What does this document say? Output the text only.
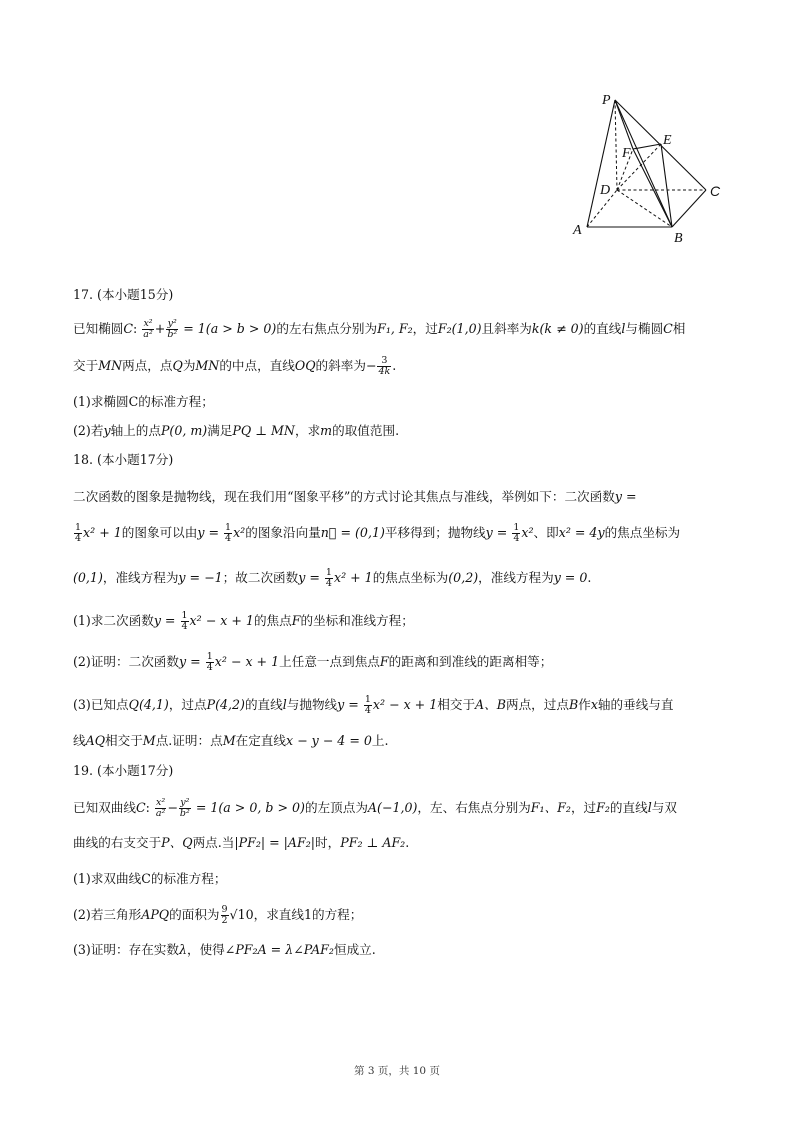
P
E
F
D	C
A
B
17. (本小题15分)
已知椭圆C: $\frac{\text{x²}}{\text{a²}} + \frac{\text{y²}}{\text{b²}} = 1(a > b > 0)$的左右焦点分别为F₁, F₂，过F₂(1,0)且斜率为k(k ≠ 0)的直线l与椭圆C相
交于MN两点，点Q为MN的中点，直线OQ的斜率为− $\frac{3}{4k}$ .
(1)求椭圆C的标准方程；
(2)若y轴上的点P(0, m)满足PQ ⊥ MN，求m的取值范围.
18. (本小题17分)
二次函数的图象是抛物线，现在我们用“图象平移”的方式讨论其焦点与准线，举例如下：二次函数y =
$\frac{1}{4} x^2 + 1$的图象可以由$y = \frac{1}{4} x^2$的图象沿向量n⃗ = (0,1)平移得到；抛物线$y = \frac{1}{4} x^2$、即x² = 4y的焦点坐标为
(0,1)，准线方程为y = −1；故二次函数$y = \frac{1}{4} x^2 + 1$的焦点坐标为(0,2)，准线方程为y = 0.
(1)求二次函数$y = \frac{1}{4} x^2 - x + 1$的焦点F的坐标和准线方程；
(2)证明：二次函数$y = \frac{1}{4} x^2 - x + 1$上任意一点到焦点F的距离和到准线的距离相等；
(3)已知点Q(4,1)，过点P(4,2)的直线l与抛物线$y = \frac{1}{4} x^2 - x + 1$相交于A、B两点，过点B作x轴的垂线与直
线AQ相交于M点.证明：点M在定直线x − y − 4 = 0上.
19. (本小题17分)
已知双曲线C: $\frac{\text{x²}}{\text{a²}} - \frac{\text{y²}}{\text{b²}} = 1(a > 0$, b > 0)的左顶点为A(−1,0)，左、右焦点分别为F₁、F₂，过F₂的直线l与双
曲线的右支交于P、Q两点.当|PF₂| = |AF₂|时，PF₂ ⊥ AF₂.
(1)求双曲线C的标准方程；
(2)若三角形APQ的面积为 $\frac{9}{2} √10$，求直线1的方程；
(3)证明：存在实数λ，使得∠PF₂A = λ∠PAF₂恒成立.
第 3 页，共 10 页
